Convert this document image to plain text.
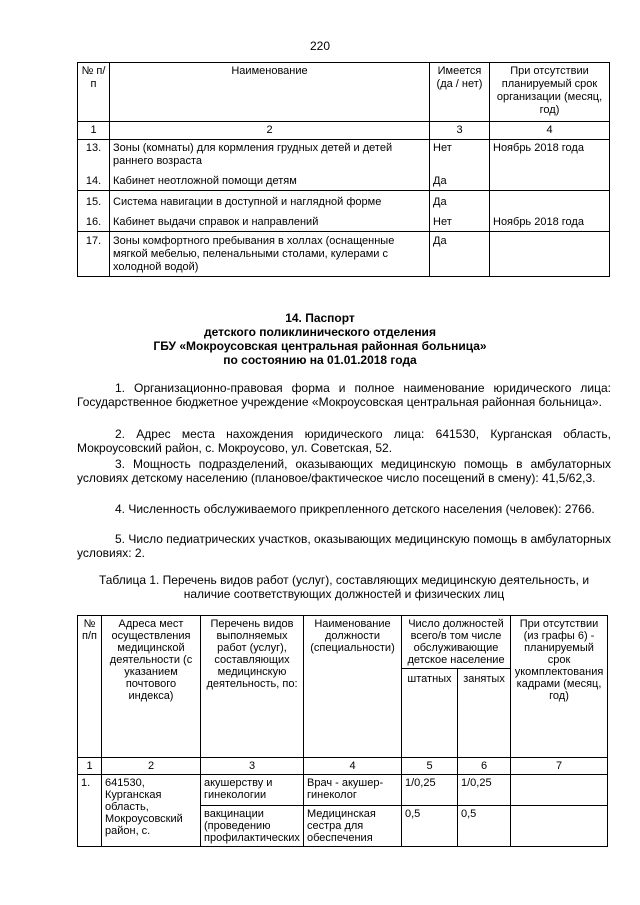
220
№ п/п	Наименование	Имеется (да / нет)	При отсутствии планируемый срок организации (месяц, год)
1	2	3	4
13.	Зоны (комнаты) для кормления грудных детей и детей раннего возраста	Нет	Ноябрь 2018 года
14.	Кабинет неотложной помощи детям	Да	
15.	Система навигации в доступной и наглядной форме	Да	
16.	Кабинет выдачи справок и направлений	Нет	Ноябрь 2018 года
17.	Зоны комфортного пребывания в холлах (оснащенные мягкой мебелью, пеленальными столами, кулерами с холодной водой)	Да	
14. Паспорт
детского поликлинического отделения
ГБУ «Мокроусовская центральная районная больница»
по состоянию на 01.01.2018 года
1. Организационно-правовая форма и полное наименование юридического лица: Государственное бюджетное учреждение «Мокроусовская центральная районная больница».
2. Адрес места нахождения юридического лица: 641530, Курганская область, Мокроусовский район, с. Мокроусово, ул. Советская, 52.
3. Мощность подразделений, оказывающих медицинскую помощь в амбулаторных условиях детскому населению (плановое/фактическое число посещений в смену): 41,5/62,3.
4. Численность обслуживаемого прикрепленного детского населения (человек): 2766.
5. Число педиатрических участков, оказывающих медицинскую помощь в амбулаторных условиях: 2.
Таблица 1. Перечень видов работ (услуг), составляющих медицинскую деятельность, и наличие соответствующих должностей и физических лиц
№ п/п	Адреса мест осуществления медицинской деятельности (с указанием почтового индекса)	Перечень видов выполняемых работ (услуг), составляющих медицинскую деятельность, по:	Наименование должности (специальности)	Число должностей всего/в том числе обслуживающие детское население		При отсутствии (из графы 6) - планируемый срок укомплектования кадрами (месяц, год)
				штатных	занятых	
1	2	3	4	5	6	7
1.	641530, Курганская область, Мокроусовский район, с.	акушерству и гинекологии	Врач - акушер-гинеколог	1/0,25	1/0,25	
		вакцинации (проведению профилактических	Медицинская сестра для обеспечения	0,5	0,5	
